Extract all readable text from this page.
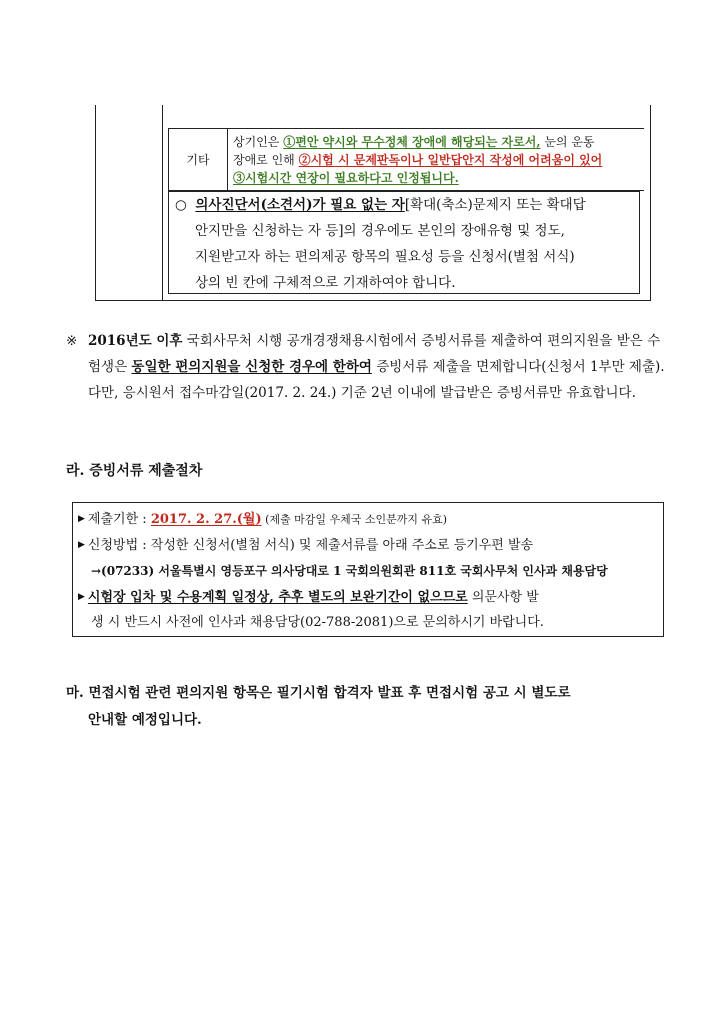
기타
상기인은 ①편안 약시와 무수정체 장애에 해당되는 자로서, 눈의 운동
장애로 인해 ②시험 시 문제판독이나 일반답안지 작성에 어려움이 있어
③시험시간 연장이 필요하다고 인정됩니다.
○ 의사진단서(소견서)가 필요 없는 자[확대(축소)문제지 또는 확대답
안지만을 신청하는 자 등]의 경우에도 본인의 장애유형 및 정도,
지원받고자 하는 편의제공 항목의 필요성 등을 신청서(별첨 서식)
상의 빈 칸에 구체적으로 기재하여야 합니다.
※ 2016년도 이후 국회사무처 시행 공개경쟁채용시험에서 증빙서류를 제출하여 편의지원을 받은 수험생은 동일한 편의지원을 신청한 경우에 한하여 증빙서류 제출을 면제합니다(신청서 1부만 제출). 다만, 응시원서 접수마감일(2017. 2. 24.) 기준 2년 이내에 발급받은 증빙서류만 유효합니다.
라. 증빙서류 제출절차
▶ 제출기한 : 2017. 2. 27.(월) (제출 마감일 우체국 소인분까지 유효)
▶ 신청방법 : 작성한 신청서(별첨 서식) 및 제출서류를 아래 주소로 등기우편 발송
→(07233) 서울특별시 영등포구 의사당대로 1 국회의원회관 811호 국회사무처 인사과 채용담당
▶ 시험장 입차 및 수용계획 일정상, 추후 별도의 보완기간이 없으므로 의문사항 발
생 시 반드시 사전에 인사과 채용담당(02-788-2081)으로 문의하시기 바랍니다.
마. 면접시험 관련 편의지원 항목은 필기시험 합격자 발표 후 면접시험 공고 시 별도로
안내할 예정입니다.
